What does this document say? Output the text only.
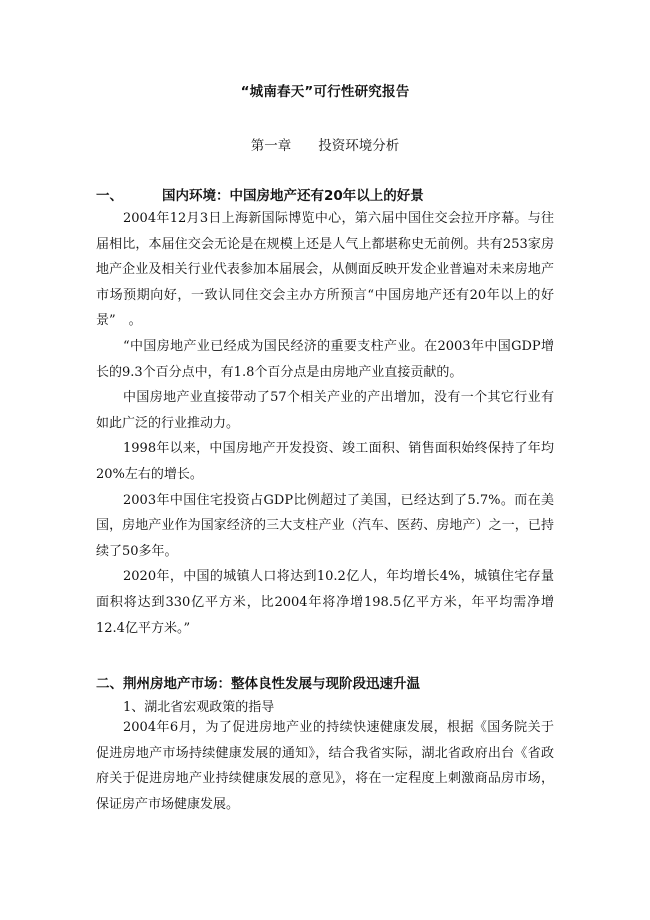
“城南春天”可行性研究报告
第一章　　投资环境分析
一、	国内环境：中国房地产还有20年以上的好景

2004年12月3日上海新国际博览中心，第六届中国住交会拉开序幕。与往届相比，本届住交会无论是在规模上还是人气上都堪称史无前例。共有253家房地产企业及相关行业代表参加本届展会，从侧面反映开发企业普遍对未来房地产市场预期向好，一致认同住交会主办方所预言“中国房地产还有20年以上的好景”　。

“中国房地产业已经成为国民经济的重要支柱产业。在2003年中国GDP增长的9.3个百分点中，有1.8个百分点是由房地产业直接贡献的。

中国房地产业直接带动了57个相关产业的产出增加，没有一个其它行业有如此广泛的行业推动力。

1998年以来，中国房地产开发投资、竣工面积、销售面积始终保持了年均20%左右的增长。

2003年中国住宅投资占GDP比例超过了美国，已经达到了5.7%。而在美国，房地产业作为国家经济的三大支柱产业（汽车、医药、房地产）之一，已持续了50多年。

2020年，中国的城镇人口将达到10.2亿人，年均增长4%，城镇住宅存量面积将达到330亿平方米，比2004年将净增198.5亿平方米，年平均需净增12.4亿平方米。”

二、荆州房地产市场：整体良性发展与现阶段迅速升温
1、湖北省宏观政策的指导

2004年6月，为了促进房地产业的持续快速健康发展，根据《国务院关于促进房地产市场持续健康发展的通知》，结合我省实际，湖北省政府出台《省政府关于促进房地产业持续健康发展的意见》，将在一定程度上刺激商品房市场，保证房产市场健康发展。
